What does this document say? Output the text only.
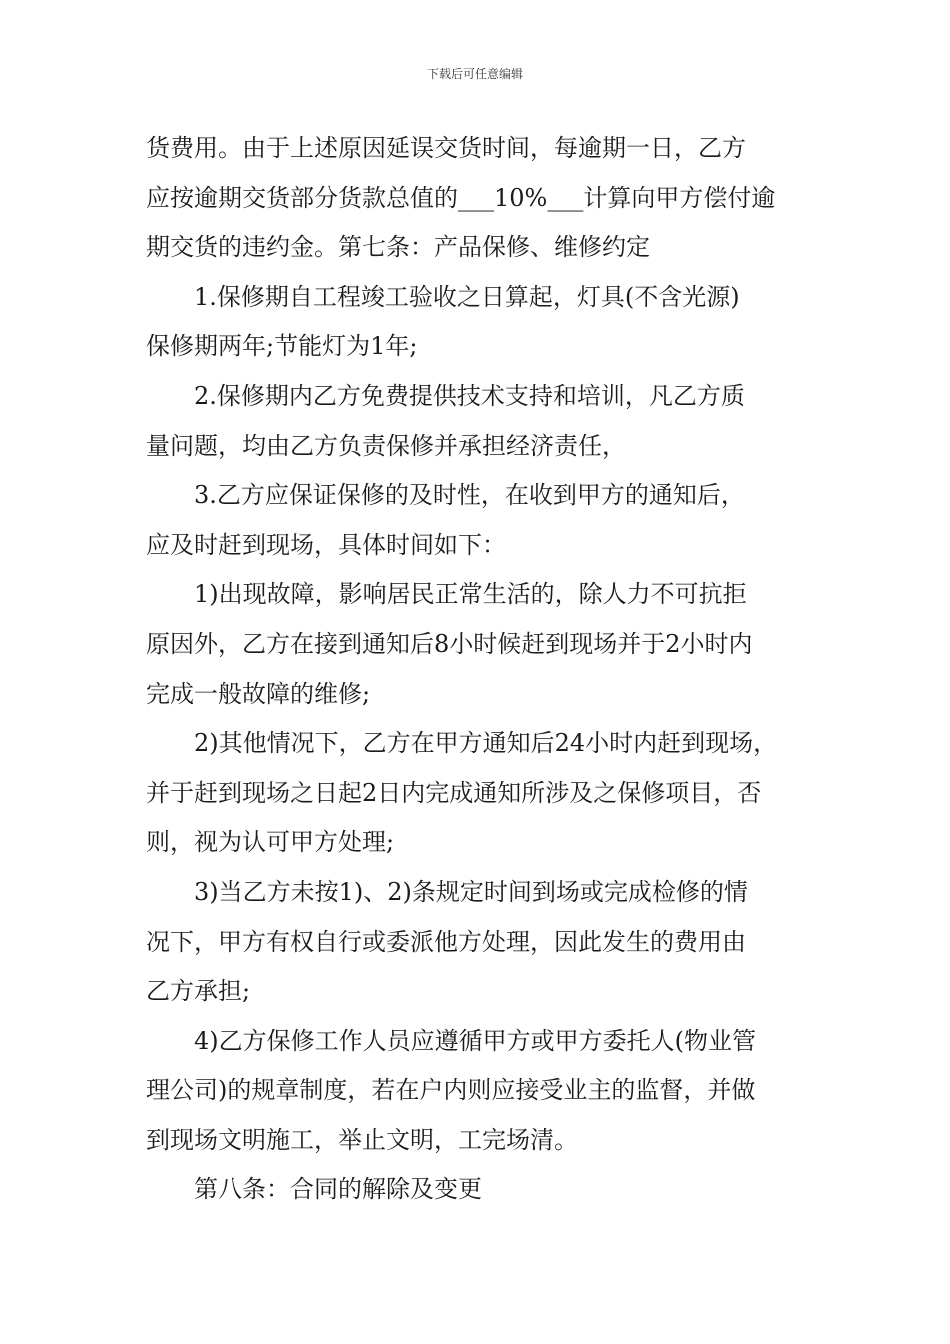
下载后可任意编辑
货费用。由于上述原因延误交货时间，每逾期一日，乙方
应按逾期交货部分货款总值的___10%___计算向甲方偿付逾
期交货的违约金。第七条：产品保修、维修约定
1.保修期自工程竣工验收之日算起，灯具(不含光源)
保修期两年;节能灯为1年;
2.保修期内乙方免费提供技术支持和培训，凡乙方质
量问题，均由乙方负责保修并承担经济责任，
3.乙方应保证保修的及时性，在收到甲方的通知后，
应及时赶到现场，具体时间如下：
1)出现故障，影响居民正常生活的，除人力不可抗拒
原因外，乙方在接到通知后8小时候赶到现场并于2小时内
完成一般故障的维修;
2)其他情况下，乙方在甲方通知后24小时内赶到现场，
并于赶到现场之日起2日内完成通知所涉及之保修项目，否
则，视为认可甲方处理;
3)当乙方未按1)、2)条规定时间到场或完成检修的情
况下，甲方有权自行或委派他方处理，因此发生的费用由
乙方承担;
4)乙方保修工作人员应遵循甲方或甲方委托人(物业管
理公司)的规章制度，若在户内则应接受业主的监督，并做
到现场文明施工，举止文明，工完场清。
第八条：合同的解除及变更
